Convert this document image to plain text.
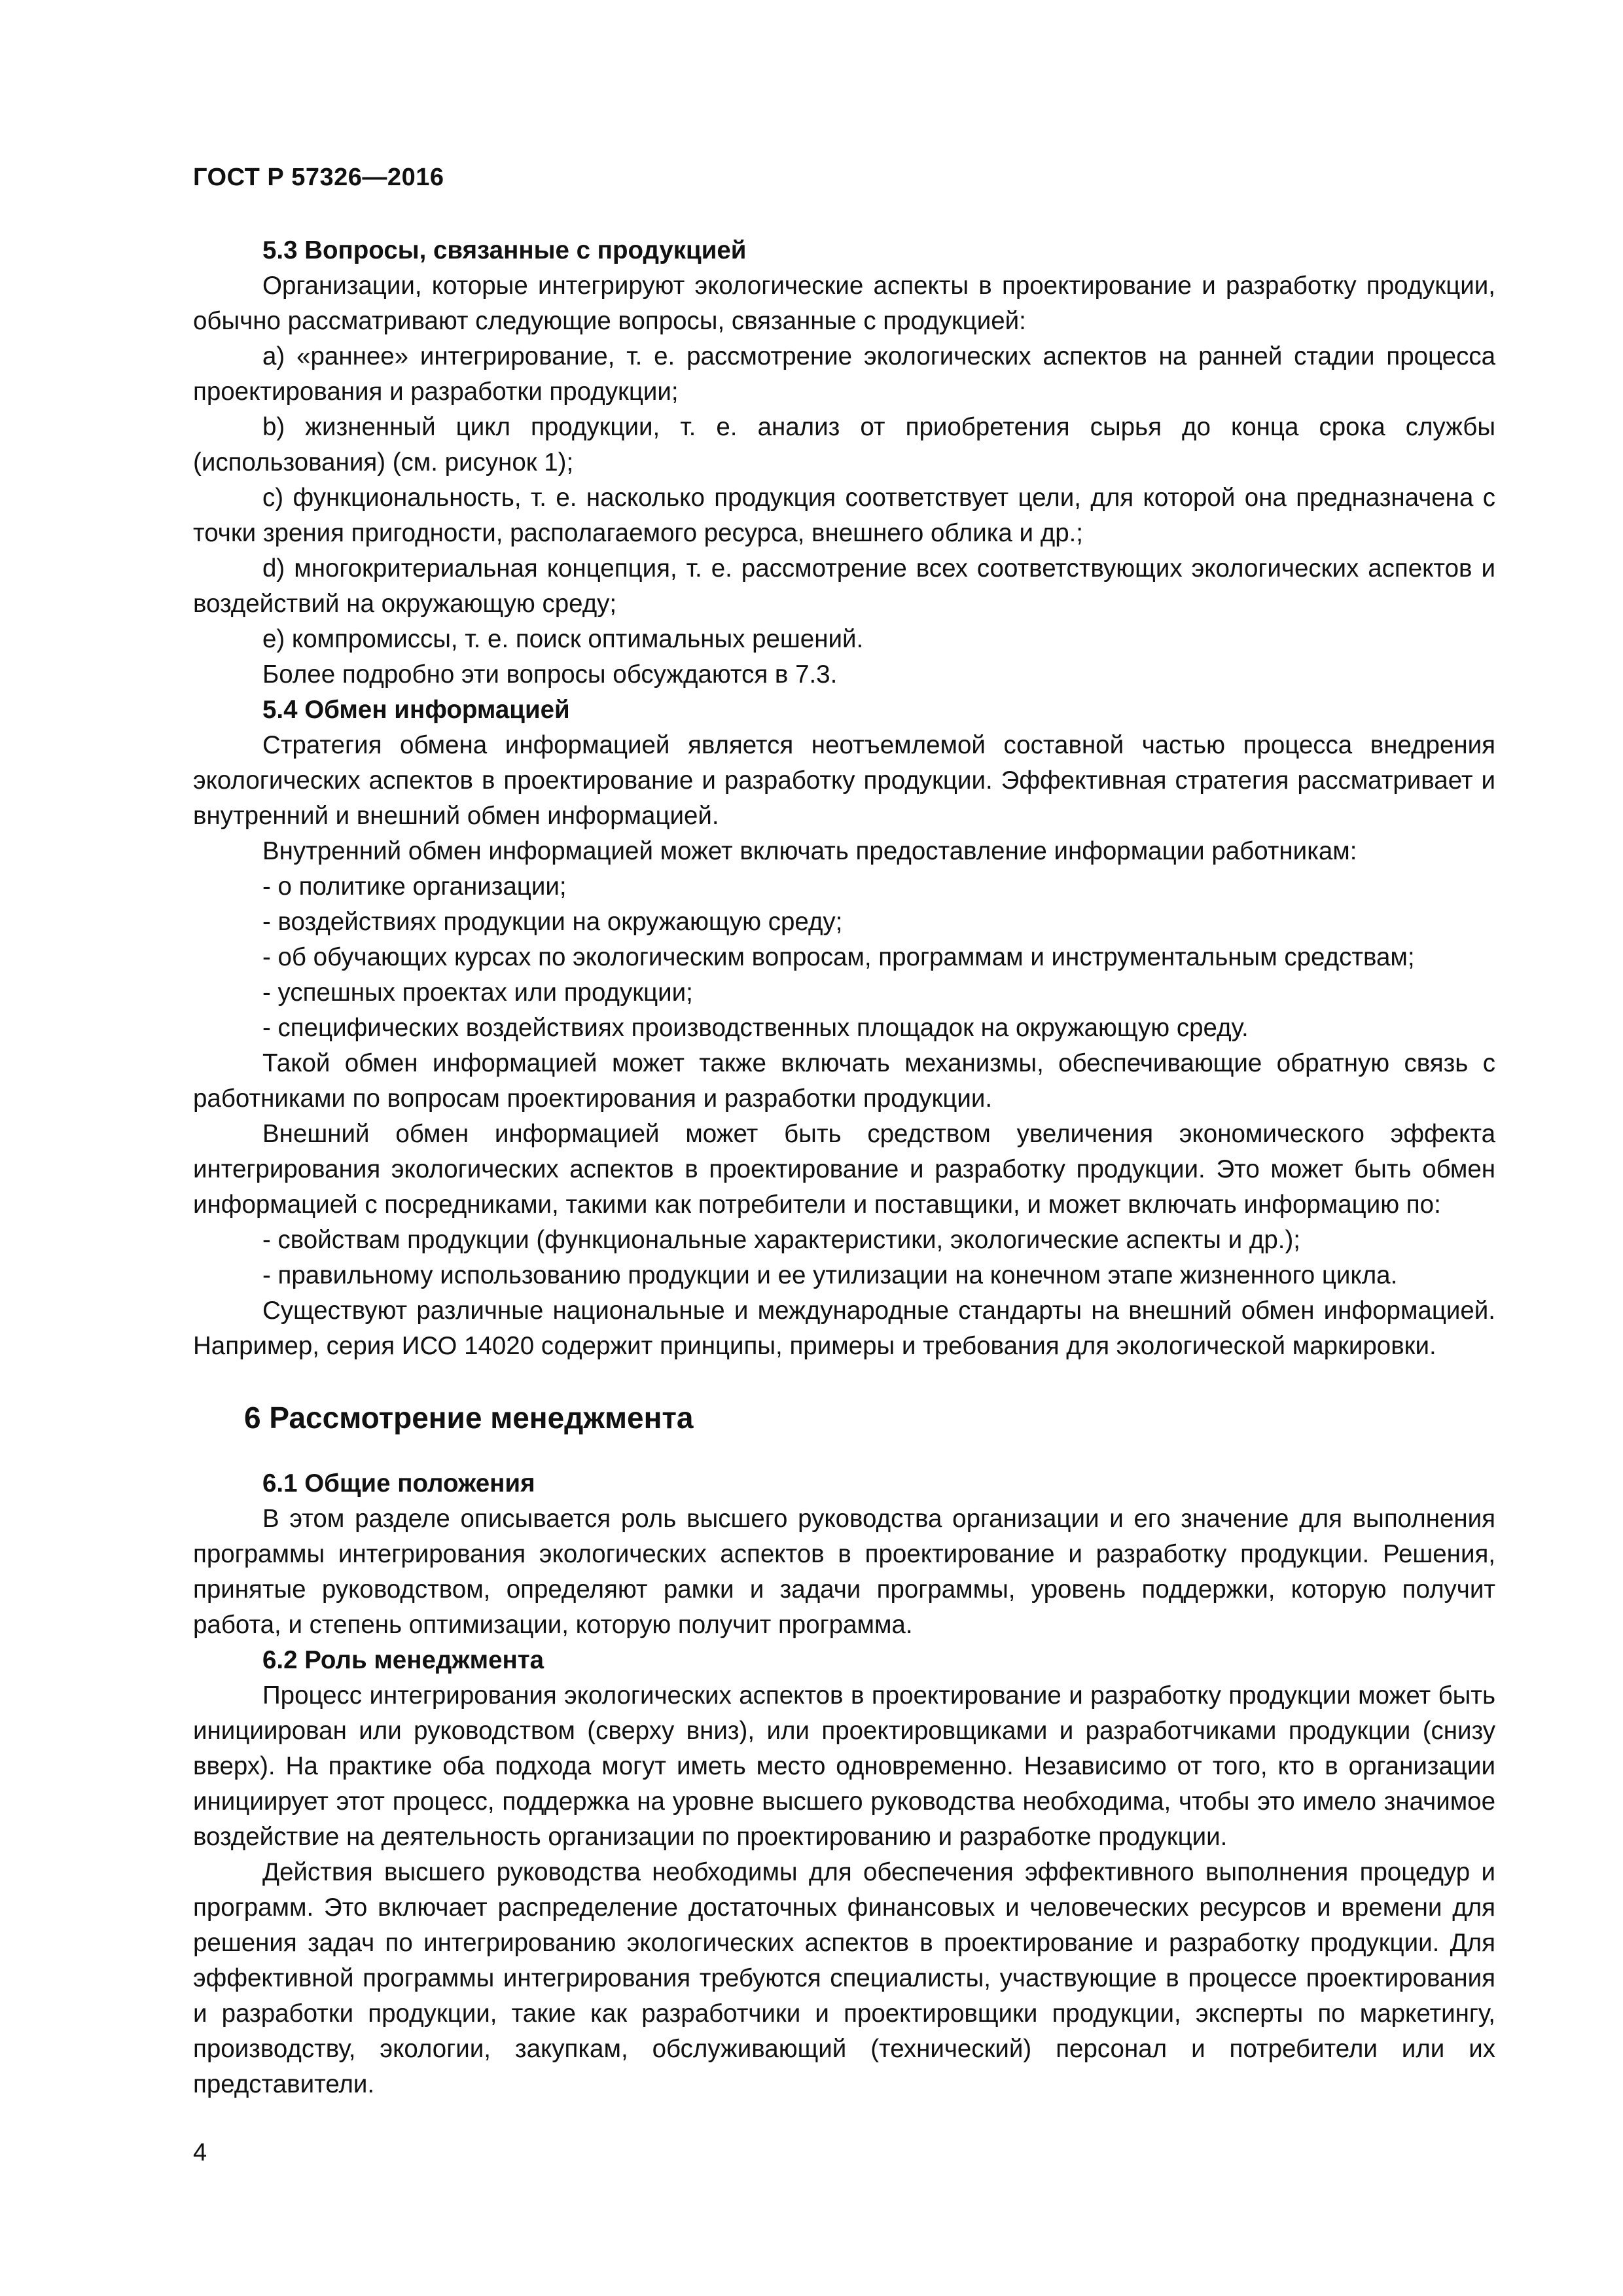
ГОСТ Р 57326—2016
5.3 Вопросы, связанные с продукцией

Организации, которые интегрируют экологические аспекты в проектирование и разработку продукции, обычно рассматривают следующие вопросы, связанные с продукцией:

a) «раннее» интегрирование, т. е. рассмотрение экологических аспектов на ранней стадии процесса проектирования и разработки продукции;

b) жизненный цикл продукции, т. е. анализ от приобретения сырья до конца срока службы (использования) (см. рисунок 1);

c) функциональность, т. е. насколько продукция соответствует цели, для которой она предназначена с точки зрения пригодности, располагаемого ресурса, внешнего облика и др.;

d) многокритериальная концепция, т. е. рассмотрение всех соответствующих экологических аспектов и воздействий на окружающую среду;

e) компромиссы, т. е. поиск оптимальных решений.

Более подробно эти вопросы обсуждаются в 7.3.

5.4 Обмен информацией

Стратегия обмена информацией является неотъемлемой составной частью процесса внедрения экологических аспектов в проектирование и разработку продукции. Эффективная стратегия рассматривает и внутренний и внешний обмен информацией.

Внутренний обмен информацией может включать предоставление информации работникам:

- о политике организации;

- воздействиях продукции на окружающую среду;

- об обучающих курсах по экологическим вопросам, программам и инструментальным средствам;

- успешных проектах или продукции;

- специфических воздействиях производственных площадок на окружающую среду.

Такой обмен информацией может также включать механизмы, обеспечивающие обратную связь с работниками по вопросам проектирования и разработки продукции.

Внешний обмен информацией может быть средством увеличения экономического эффекта интегрирования экологических аспектов в проектирование и разработку продукции. Это может быть обмен информацией с посредниками, такими как потребители и поставщики, и может включать информацию по:

- свойствам продукции (функциональные характеристики, экологические аспекты и др.);

- правильному использованию продукции и ее утилизации на конечном этапе жизненного цикла.

Существуют различные национальные и международные стандарты на внешний обмен информацией. Например, серия ИСО 14020 содержит принципы, примеры и требования для экологической маркировки.

6 Рассмотрение менеджмента
6.1 Общие положения

В этом разделе описывается роль высшего руководства организации и его значение для выполнения программы интегрирования экологических аспектов в проектирование и разработку продукции. Решения, принятые руководством, определяют рамки и задачи программы, уровень поддержки, которую получит работа, и степень оптимизации, которую получит программа.

6.2 Роль менеджмента

Процесс интегрирования экологических аспектов в проектирование и разработку продукции может быть инициирован или руководством (сверху вниз), или проектировщиками и разработчиками продукции (снизу вверх). На практике оба подхода могут иметь место одновременно. Независимо от того, кто в организации инициирует этот процесс, поддержка на уровне высшего руководства необходима, чтобы это имело значимое воздействие на деятельность организации по проектированию и разработке продукции.

Действия высшего руководства необходимы для обеспечения эффективного выполнения процедур и программ. Это включает распределение достаточных финансовых и человеческих ресурсов и времени для решения задач по интегрированию экологических аспектов в проектирование и разработку продукции. Для эффективной программы интегрирования требуются специалисты, участвующие в процессе проектирования и разработки продукции, такие как разработчики и проектировщики продукции, эксперты по маркетингу, производству, экологии, закупкам, обслуживающий (технический) персонал и потребители или их представители.

4
